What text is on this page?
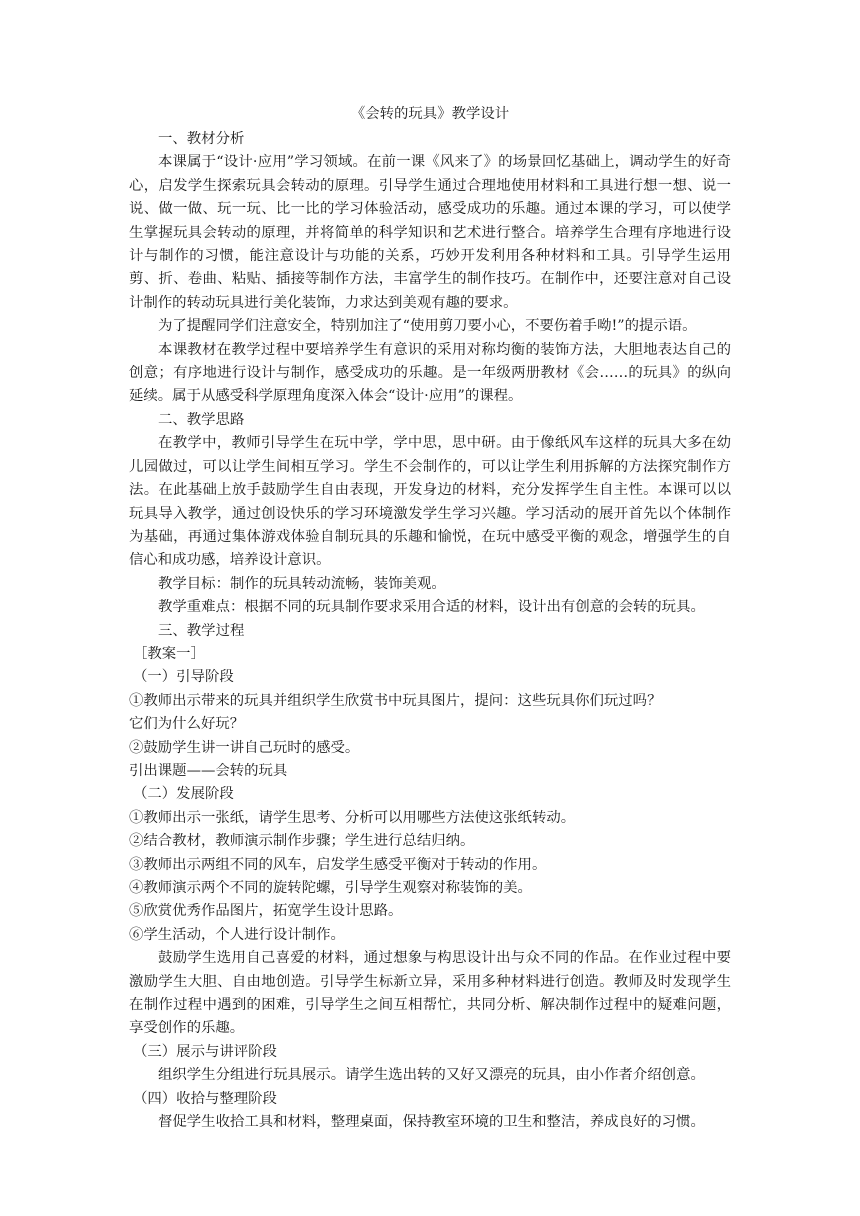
《会转的玩具》教学设计

一、教材分析

本课属于“设计·应用”学习领域。在前一课《风来了》的场景回忆基础上，调动学生的好奇心，启发学生探索玩具会转动的原理。引导学生通过合理地使用材料和工具进行想一想、说一说、做一做、玩一玩、比一比的学习体验活动，感受成功的乐趣。通过本课的学习，可以使学生掌握玩具会转动的原理，并将简单的科学知识和艺术进行整合。培养学生合理有序地进行设计与制作的习惯，能注意设计与功能的关系，巧妙开发利用各种材料和工具。引导学生运用剪、折、卷曲、粘贴、插接等制作方法，丰富学生的制作技巧。在制作中，还要注意对自己设计制作的转动玩具进行美化装饰，力求达到美观有趣的要求。

为了提醒同学们注意安全，特别加注了“使用剪刀要小心，不要伤着手呦!”的提示语。

本课教材在教学过程中要培养学生有意识的采用对称均衡的装饰方法，大胆地表达自己的创意；有序地进行设计与制作，感受成功的乐趣。是一年级两册教材《会……的玩具》的纵向延续。属于从感受科学原理角度深入体会“设计·应用”的课程。

二、教学思路

在教学中，教师引导学生在玩中学，学中思，思中研。由于像纸风车这样的玩具大多在幼儿园做过，可以让学生间相互学习。学生不会制作的，可以让学生利用拆解的方法探究制作方法。在此基础上放手鼓励学生自由表现，开发身边的材料，充分发挥学生自主性。本课可以以玩具导入教学，通过创设快乐的学习环境激发学生学习兴趣。学习活动的展开首先以个体制作为基础，再通过集体游戏体验自制玩具的乐趣和愉悦，在玩中感受平衡的观念，增强学生的自信心和成功感，培养设计意识。

教学目标：制作的玩具转动流畅，装饰美观。

教学重难点：根据不同的玩具制作要求采用合适的材料，设计出有创意的会转的玩具。

三、教学过程

［教案一］

（一）引导阶段

①教师出示带来的玩具并组织学生欣赏书中玩具图片，提问：这些玩具你们玩过吗？

它们为什么好玩？

②鼓励学生讲一讲自己玩时的感受。

引出课题——会转的玩具

（二）发展阶段

①教师出示一张纸，请学生思考、分析可以用哪些方法使这张纸转动。

②结合教材，教师演示制作步骤；学生进行总结归纳。

③教师出示两组不同的风车，启发学生感受平衡对于转动的作用。

④教师演示两个不同的旋转陀螺，引导学生观察对称装饰的美。

⑤欣赏优秀作品图片，拓宽学生设计思路。

⑥学生活动，个人进行设计制作。

鼓励学生选用自己喜爱的材料，通过想象与构思设计出与众不同的作品。在作业过程中要激励学生大胆、自由地创造。引导学生标新立异，采用多种材料进行创造。教师及时发现学生在制作过程中遇到的困难，引导学生之间互相帮忙，共同分析、解决制作过程中的疑难问题，享受创作的乐趣。

（三）展示与讲评阶段

组织学生分组进行玩具展示。请学生选出转的又好又漂亮的玩具，由小作者介绍创意。

（四）收拾与整理阶段

督促学生收拾工具和材料，整理桌面，保持教室环境的卫生和整洁，养成良好的习惯。
